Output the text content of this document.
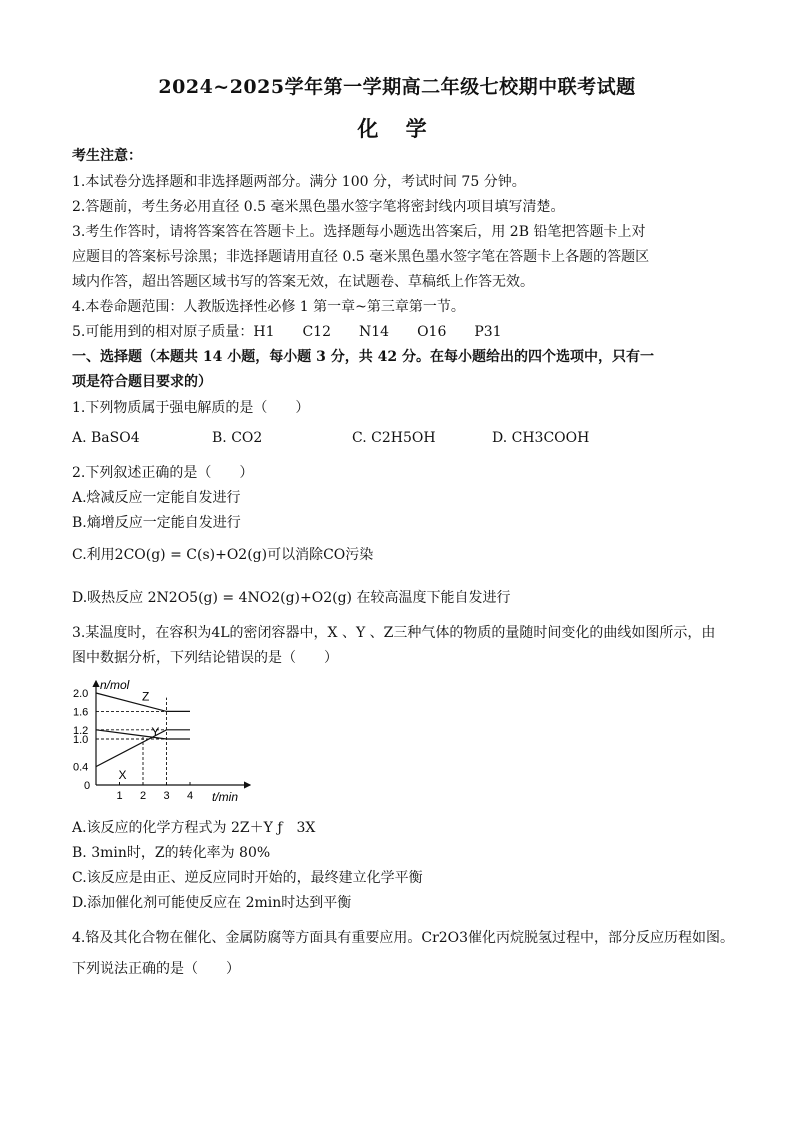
2024~2025学年第一学期高二年级七校期中联考试题
化 学
考生注意：
1.本试卷分选择题和非选择题两部分。满分 100 分，考试时间 75 分钟。
2.答题前，考生务必用直径 0.5 毫米黑色墨水签字笔将密封线内项目填写清楚。
3.考生作答时，请将答案答在答题卡上。选择题每小题选出答案后，用 2B 铅笔把答题卡上对
应题目的答案标号涂黑；非选择题请用直径 0.5 毫米黑色墨水签字笔在答题卡上各题的答题区
域内作答，超出答题区域书写的答案无效，在试题卷、草稿纸上作答无效。
4.本卷命题范围：人教版选择性必修 1 第一章~第三章第一节。
5.可能用到的相对原子质量：H1　　C12　　N14　　O16　　P31
一、选择题（本题共 14 小题，每小题 3 分，共 42 分。在每小题给出的四个选项中，只有一
项是符合题目要求的）
1.下列物质属于强电解质的是（　　）
A. BaSO4	B. CO2	C. C2H5OH	D. CH3COOH
2.下列叙述正确的是（　　）
A.焓减反应一定能自发进行
B.熵增反应一定能自发进行
C.利用2CO(g) = C(s)+O2(g)可以消除CO污染
D.吸热反应 2N2O5(g) = 4NO2(g)+O2(g) 在较高温度下能自发进行
3.某温度时，在容积为4L的密闭容器中，X 、Y 、Z三种气体的物质的量随时间变化的曲线如图所示，由
图中数据分析，下列结论错误的是（　　）
n/mol
t/min
1 2 3 4
2.0
1.6
1.2
1.0
0.4
0
Z
Y
X
A.该反应的化学方程式为 2Z＋Y ƒ　3X
B. 3min时，Z的转化率为 80%
C.该反应是由正、逆反应同时开始的，最终建立化学平衡
D.添加催化剂可能使反应在 2min时达到平衡
4.铬及其化合物在催化、金属防腐等方面具有重要应用。Cr2O3催化丙烷脱氢过程中，部分反应历程如图。
下列说法正确的是（　　）
